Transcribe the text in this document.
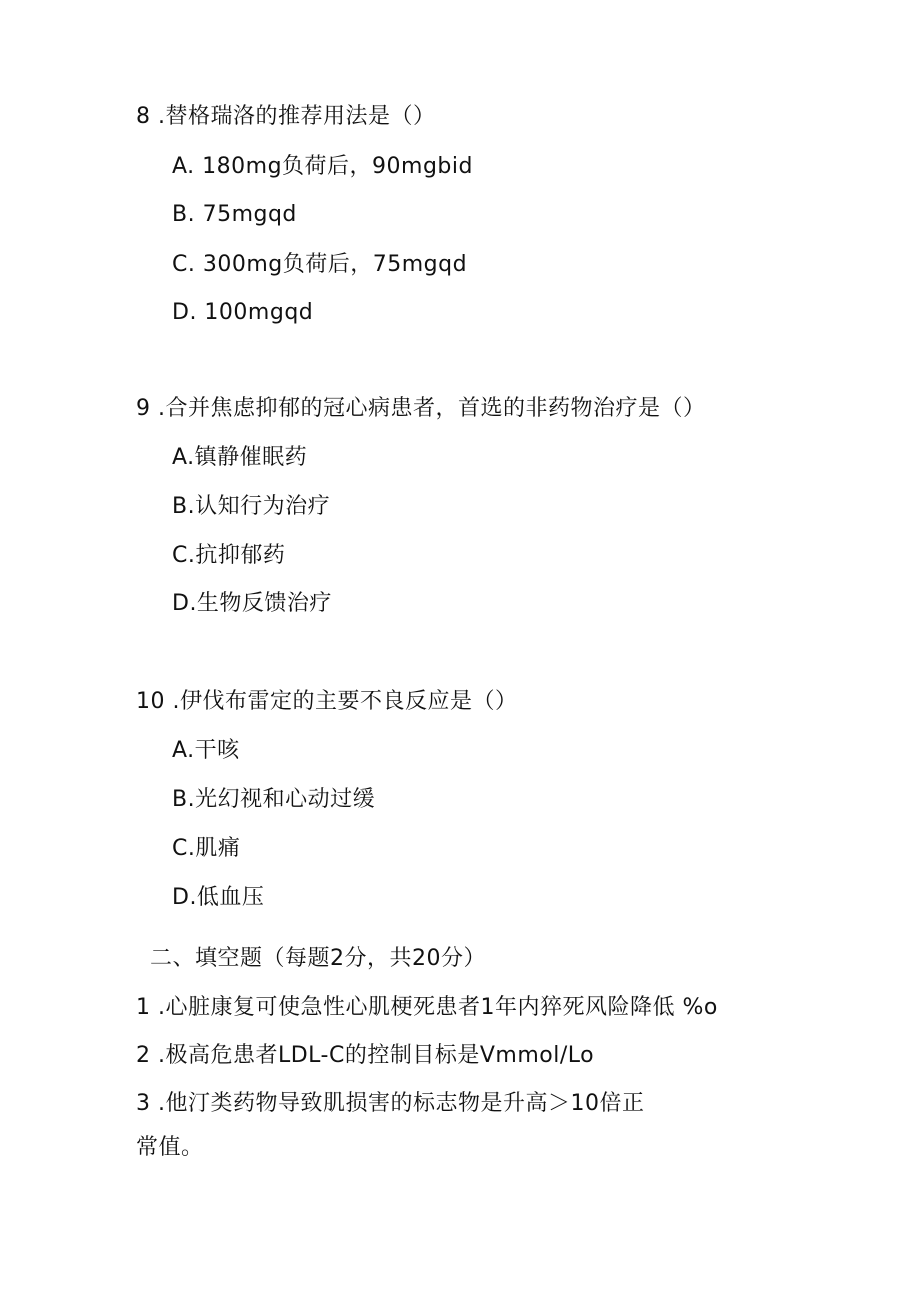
8 .替格瑞洛的推荐用法是（）
A. 180mg负荷后，90mgbid
B. 75mgqd
C. 300mg负荷后，75mgqd
D. 100mgqd
9 .合并焦虑抑郁的冠心病患者，首选的非药物治疗是（）
A.镇静催眠药
B.认知行为治疗
C.抗抑郁药
D.生物反馈治疗
10 .伊伐布雷定的主要不良反应是（）
A.干咳
B.光幻视和心动过缓
C.肌痛
D.低血压
二、填空题（每题2分，共20分）
1 .心脏康复可使急性心肌梗死患者1年内猝死风险降低 %o
2 .极高危患者LDL-C的控制目标是Vmmol/Lo
3 .他汀类药物导致肌损害的标志物是升高＞10倍正
常值。
